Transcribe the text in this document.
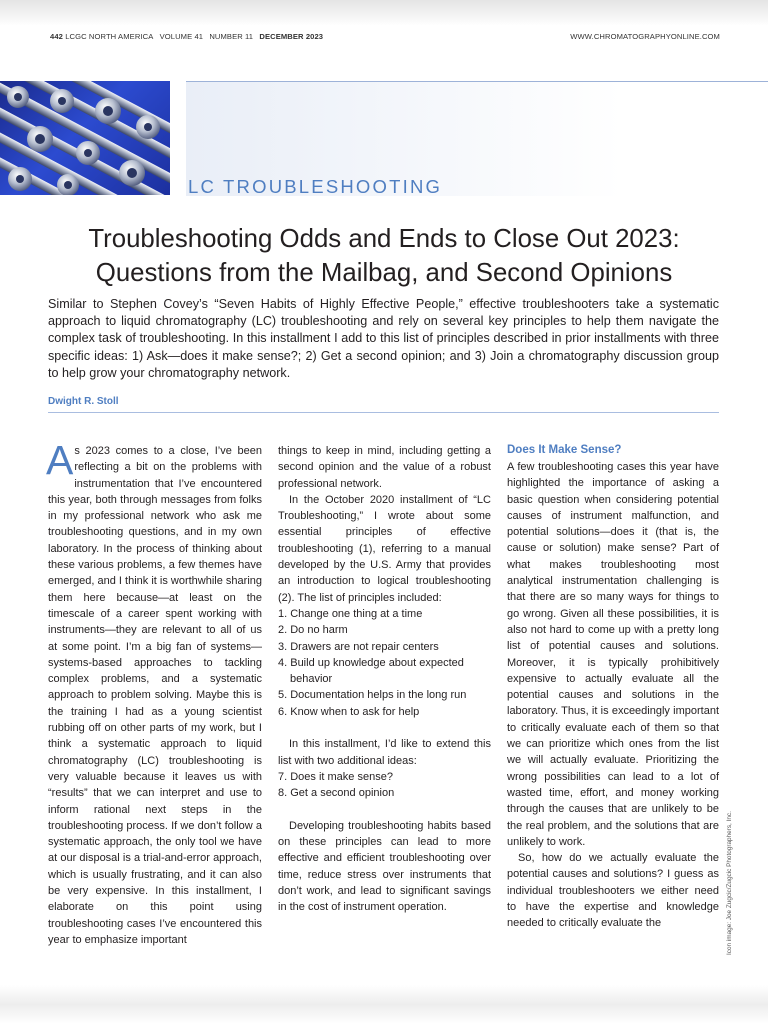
442 LCGC NORTH AMERICA VOLUME 41 NUMBER 11 DECEMBER 2023	WWW.CHROMATOGRAPHYONLINE.COM
LC TROUBLESHOOTING
Troubleshooting Odds and Ends to Close Out 2023:
Questions from the Mailbag, and Second Opinions

Similar to Stephen Covey’s “Seven Habits of Highly Effective People,” effective troubleshooters take a systematic approach to liquid chromatography (LC) troubleshooting and rely on several key principles to help them navigate the complex task of troubleshooting. In this installment I add to this list of principles described in prior installments with three specific ideas: 1) Ask—does it make sense?; 2) Get a second opinion; and 3) Join a chromatography discussion group to help grow your chromatography network.

Dwight R. Stoll

As 2023 comes to a close, I’ve been reflecting a bit on the problems with instrumentation that I’ve encountered this year, both through messages from folks in my professional network who ask me troubleshooting questions, and in my own laboratory. In the process of thinking about these various problems, a few themes have emerged, and I think it is worthwhile sharing them here because—at least on the timescale of a career spent working with instruments—they are relevant to all of us at some point. I’m a big fan of systems—systems-based approaches to tackling complex problems, and a systematic approach to problem solving. Maybe this is the training I had as a young scientist rubbing off on other parts of my work, but I think a systematic approach to liquid chromatography (LC) troubleshooting is very valuable because it leaves us with “results” that we can interpret and use to inform rational next steps in the troubleshooting process. If we don’t follow a systematic approach, the only tool we have at our disposal is a trial-and-error approach, which is usually frustrating, and it can also be very expensive. In this installment, I elaborate on this point using troubleshooting cases I’ve encountered this year to emphasize important

things to keep in mind, including getting a second opinion and the value of a robust professional network.

In the October 2020 installment of “LC Troubleshooting,” I wrote about some essential principles of effective troubleshooting (1), referring to a manual developed by the U.S. Army that provides an introduction to logical troubleshooting (2). The list of principles included:

1. Change one thing at a time
2. Do no harm
3. Drawers are not repair centers
4. Build up knowledge about expected behavior
5. Documentation helps in the long run
6. Know when to ask for help

In this installment, I’d like to extend this list with two additional ideas:

7. Does it make sense?
8. Get a second opinion

Developing troubleshooting habits based on these principles can lead to more effective and efficient troubleshooting over time, reduce stress over instruments that don’t work, and lead to significant savings in the cost of instrument operation.

Does It Make Sense?

A few troubleshooting cases this year have highlighted the importance of asking a basic question when considering potential causes of instrument malfunction, and potential solutions—does it (that is, the cause or solution) make sense? Part of what makes troubleshooting most analytical instrumentation challenging is that there are so many ways for things to go wrong. Given all these possibilities, it is also not hard to come up with a pretty long list of potential causes and solutions. Moreover, it is typically prohibitively expensive to actually evaluate all the potential causes and solutions in the laboratory. Thus, it is exceedingly important to critically evaluate each of them so that we can prioritize which ones from the list we will actually evaluate. Prioritizing the wrong possibilities can lead to a lot of wasted time, effort, and money working through the causes that are unlikely to be the real problem, and the solutions that are unlikely to work.

So, how do we actually evaluate the potential causes and solutions? I guess as individual troubleshooters we either need to have the expertise and knowledge needed to critically evaluate the	Icon image: Joe Zugcic/Zugcic Photographers, Inc.
